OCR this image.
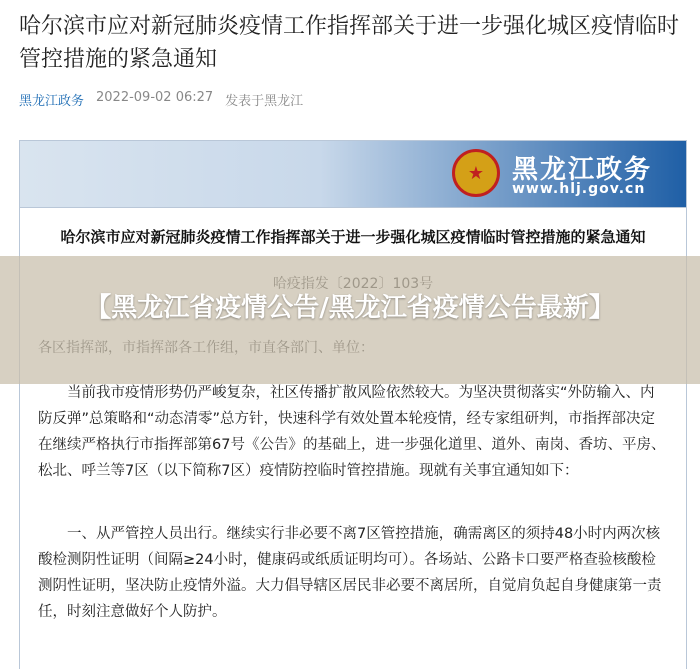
哈尔滨市应对新冠肺炎疫情工作指挥部关于进一步强化城区疫情临时管控措施的紧急通知
黑龙江政务 2022-09-02 06:27 发表于黑龙江
★	黑龙江政务
www.hlj.gov.cn
哈尔滨市应对新冠肺炎疫情工作指挥部关于进一步强化城区疫情临时管控措施的紧急通知

当前我市疫情形势仍严峻复杂，社区传播扩散风险依然较大。为坚决贯彻落实“外防输入、内防反弹”总策略和“动态清零”总方针，快速科学有效处置本轮疫情，经专家组研判，市指挥部决定在继续严格执行市指挥部第67号《公告》的基础上，进一步强化道里、道外、南岗、香坊、平房、松北、呼兰等7区（以下简称7区）疫情防控临时管控措施。现就有关事宜通知如下：

一、从严管控人员出行。继续实行非必要不离7区管控措施，确需离区的须持48小时内两次核酸检测阴性证明（间隔≥24小时，健康码或纸质证明均可）。各场站、公路卡口要严格查验核酸检测阴性证明，坚决防止疫情外溢。大力倡导辖区居民非必要不离居所，自觉肩负起自身健康第一责任，时刻注意做好个人防护。

【黑龙江省疫情公告/黑龙江省疫情公告最新】
